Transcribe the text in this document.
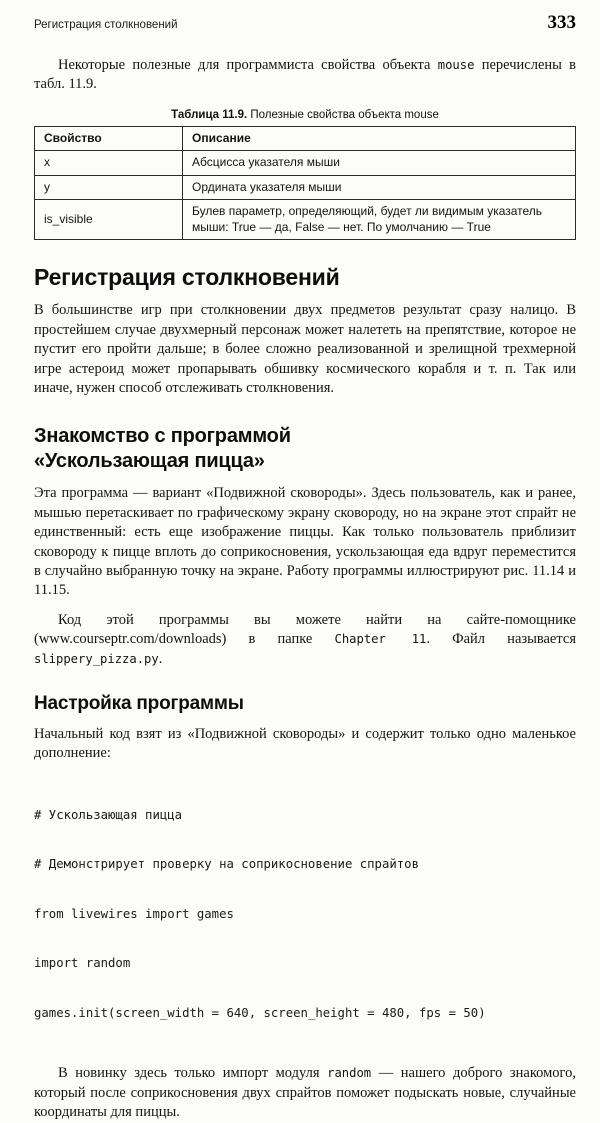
Регистрация столкновений	333

Некоторые полезные для программиста свойства объекта mouse перечислены в табл. 11.9.

Таблица 11.9. Полезные свойства объекта mouse
Свойство	Описание
x	Абсцисса указателя мыши
y	Ордината указателя мыши
is_visible	Булев параметр, определяющий, будет ли видимым указатель мыши: True — да, False — нет. По умолчанию — True
Регистрация столкновений

В большинстве игр при столкновении двух предметов результат сразу налицо. В простейшем случае двухмерный персонаж может налететь на препятствие, которое не пустит его пройти дальше; в более сложно реализованной и зрелищной трехмерной игре астероид может пропарывать обшивку космического корабля и т. п. Так или иначе, нужен способ отслеживать столкновения.

Знакомство с программой
«Ускользающая пицца»

Эта программа — вариант «Подвижной сковороды». Здесь пользователь, как и ранее, мышью перетаскивает по графическому экрану сковороду, но на экране этот спрайт не единственный: есть еще изображение пиццы. Как только пользователь приблизит сковороду к пицце вплоть до соприкосновения, ускользающая еда вдруг переместится в случайно выбранную точку на экране. Работу программы иллюстрируют рис. 11.14 и 11.15.

Код этой программы вы можете найти на сайте-помощнике (www.courseptr.com/downloads) в папке Chapter 11. Файл называется slippery_pizza.py.

Настройка программы

Начальный код взят из «Подвижной сковороды» и содержит только одно маленькое дополнение:

# Ускользающая пицца

# Демонстрирует проверку на соприкосновение спрайтов

from livewires import games

import random

games.init(screen_width = 640, screen_height = 480, fps = 50)

В новинку здесь только импорт модуля random — нашего доброго знакомого, который после соприкосновения двух спрайтов поможет подыскать новые, случайные координаты для пиццы.
